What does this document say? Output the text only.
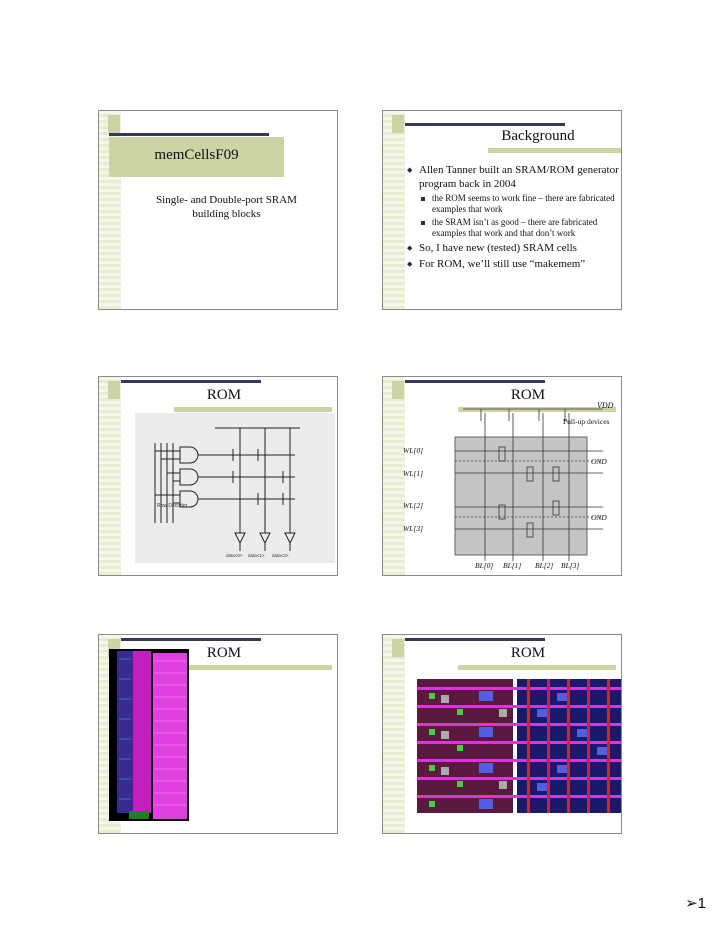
memCellsF09
Single- and Double-port SRAM
building blocks
Background
◆ Allen Tanner built an SRAM/ROM generator program back in 2004
the ROM seems to work fine – there are fabricated examples that work
the SRAM isn’t as good – there are fabricated examples that work and that don’t work
◆ So, I have new (tested) SRAM cells
◆ For ROM, we’ll still use “makemem”
ROM
Row Decoder
data<0> data<1> data<2>
ROM
VDD
Pull-up devices
WL[0]
WL[1]
WL[2]
WL[3]
GND
GND
BL[0] BL[1] BL[2] BL[3]
ROM	ROM
➢1
